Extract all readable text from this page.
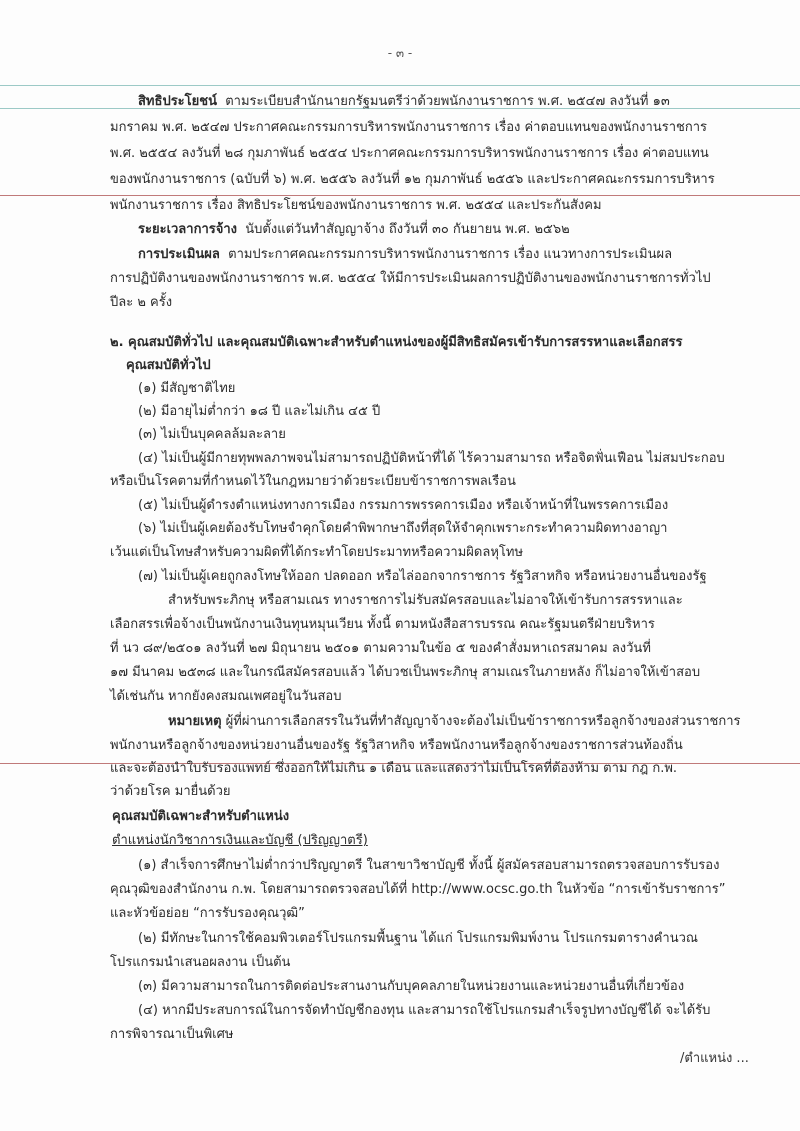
- ๓ -
สิทธิประโยชน์ ตามระเบียบสำนักนายกรัฐมนตรีว่าด้วยพนักงานราชการ พ.ศ. ๒๕๔๗ ลงวันที่ ๑๓
มกราคม พ.ศ. ๒๕๔๗ ประกาศคณะกรรมการบริหารพนักงานราชการ เรื่อง ค่าตอบแทนของพนักงานราชการ
พ.ศ. ๒๕๕๔ ลงวันที่ ๒๘ กุมภาพันธ์ ๒๕๕๔ ประกาศคณะกรรมการบริหารพนักงานราชการ เรื่อง ค่าตอบแทน
ของพนักงานราชการ (ฉบับที่ ๖) พ.ศ. ๒๕๕๖ ลงวันที่ ๑๒ กุมภาพันธ์ ๒๕๕๖ และประกาศคณะกรรมการบริหาร
พนักงานราชการ เรื่อง สิทธิประโยชน์ของพนักงานราชการ พ.ศ. ๒๕๕๔ และประกันสังคม
ระยะเวลาการจ้าง นับตั้งแต่วันทำสัญญาจ้าง ถึงวันที่ ๓๐ กันยายน พ.ศ. ๒๕๖๒
การประเมินผล ตามประกาศคณะกรรมการบริหารพนักงานราชการ เรื่อง แนวทางการประเมินผล
การปฏิบัติงานของพนักงานราชการ พ.ศ. ๒๕๕๔ ให้มีการประเมินผลการปฏิบัติงานของพนักงานราชการทั่วไป
ปีละ ๒ ครั้ง
๒. คุณสมบัติทั่วไป และคุณสมบัติเฉพาะสำหรับตำแหน่งของผู้มีสิทธิสมัครเข้ารับการสรรหาและเลือกสรร
คุณสมบัติทั่วไป
(๑) มีสัญชาติไทย
(๒) มีอายุไม่ต่ำกว่า ๑๘ ปี และไม่เกิน ๔๕ ปี
(๓) ไม่เป็นบุคคลล้มละลาย
(๔) ไม่เป็นผู้มีกายทุพพลภาพจนไม่สามารถปฏิบัติหน้าที่ได้ ไร้ความสามารถ หรือจิตฟั่นเฟือน ไม่สมประกอบ
หรือเป็นโรคตามที่กำหนดไว้ในกฎหมายว่าด้วยระเบียบข้าราชการพลเรือน
(๕) ไม่เป็นผู้ดำรงตำแหน่งทางการเมือง กรรมการพรรคการเมือง หรือเจ้าหน้าที่ในพรรคการเมือง
(๖) ไม่เป็นผู้เคยต้องรับโทษจำคุกโดยคำพิพากษาถึงที่สุดให้จำคุกเพราะกระทำความผิดทางอาญา
เว้นแต่เป็นโทษสำหรับความผิดที่ได้กระทำโดยประมาทหรือความผิดลหุโทษ
(๗) ไม่เป็นผู้เคยถูกลงโทษให้ออก ปลดออก หรือไล่ออกจากราชการ รัฐวิสาหกิจ หรือหน่วยงานอื่นของรัฐ
สำหรับพระภิกษุ หรือสามเณร ทางราชการไม่รับสมัครสอบและไม่อาจให้เข้ารับการสรรหาและ
เลือกสรรเพื่อจ้างเป็นพนักงานเงินทุนหมุนเวียน ทั้งนี้ ตามหนังสือสารบรรณ คณะรัฐมนตรีฝ่ายบริหาร
ที่ นว ๘๙/๒๕๐๑ ลงวันที่ ๒๗ มิถุนายน ๒๕๐๑ ตามความในข้อ ๕ ของคำสั่งมหาเถรสมาคม ลงวันที่
๑๗ มีนาคม ๒๕๓๘ และในกรณีสมัครสอบแล้ว ได้บวชเป็นพระภิกษุ สามเณรในภายหลัง ก็ไม่อาจให้เข้าสอบ
ได้เช่นกัน หากยังคงสมณเพศอยู่ในวันสอบ
หมายเหตุ ผู้ที่ผ่านการเลือกสรรในวันที่ทำสัญญาจ้างจะต้องไม่เป็นข้าราชการหรือลูกจ้างของส่วนราชการ
พนักงานหรือลูกจ้างของหน่วยงานอื่นของรัฐ รัฐวิสาหกิจ หรือพนักงานหรือลูกจ้างของราชการส่วนท้องถิ่น
และจะต้องนำใบรับรองแพทย์ ซึ่งออกให้ไม่เกิน ๑ เดือน และแสดงว่าไม่เป็นโรคที่ต้องห้าม ตาม กฎ ก.พ.
ว่าด้วยโรค มายื่นด้วย
คุณสมบัติเฉพาะสำหรับตำแหน่ง
ตำแหน่งนักวิชาการเงินและบัญชี (ปริญญาตรี)
(๑) สำเร็จการศึกษาไม่ต่ำกว่าปริญญาตรี ในสาขาวิชาบัญชี ทั้งนี้ ผู้สมัครสอบสามารถตรวจสอบการรับรอง
คุณวุฒิของสำนักงาน ก.พ. โดยสามารถตรวจสอบได้ที่ http://www.ocsc.go.th ในหัวข้อ “การเข้ารับราชการ”
และหัวข้อย่อย “การรับรองคุณวุฒิ”
(๒) มีทักษะในการใช้คอมพิวเตอร์โปรแกรมพื้นฐาน ได้แก่ โปรแกรมพิมพ์งาน โปรแกรมตารางคำนวณ
โปรแกรมนำเสนอผลงาน เป็นต้น
(๓) มีความสามารถในการติดต่อประสานงานกับบุคคลภายในหน่วยงานและหน่วยงานอื่นที่เกี่ยวข้อง
(๔) หากมีประสบการณ์ในการจัดทำบัญชีกองทุน และสามารถใช้โปรแกรมสำเร็จรูปทางบัญชีได้ จะได้รับ
การพิจารณาเป็นพิเศษ
/ตำแหน่ง ...
